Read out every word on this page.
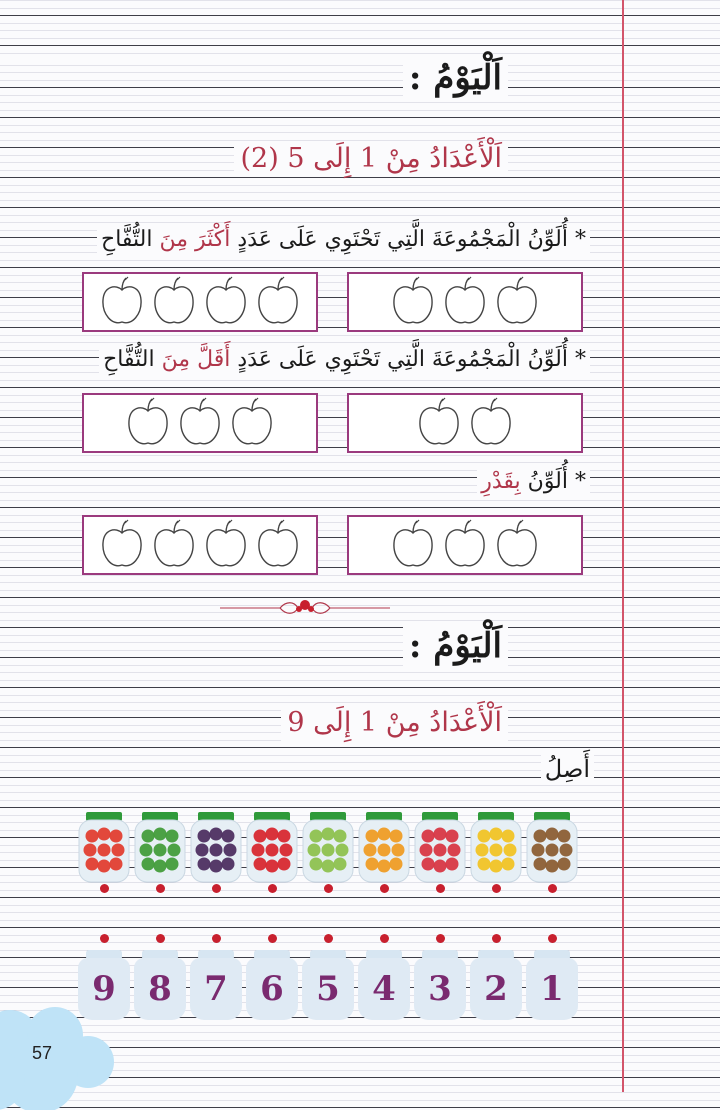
اَلْيَوْمُ :
اَلْأَعْدَادُ مِنْ 1 إِلَى 5 (2)
* أُلَوِّنُ الْمَجْمُوعَةَ الَّتِي تَحْتَوِي عَلَى عَدَدٍ أَكْثَرَ مِنَ التُّفَّاحِ
* أُلَوِّنُ الْمَجْمُوعَةَ الَّتِي تَحْتَوِي عَلَى عَدَدٍ أَقَلَّ مِنَ التُّفَّاحِ
* أُلَوِّنُ بِقَدْرِ
اَلْيَوْمُ :
اَلْأَعْدَادُ مِنْ 1 إِلَى 9
أَصِلُ
9 8 7 6 5 4 3 2 1
57
